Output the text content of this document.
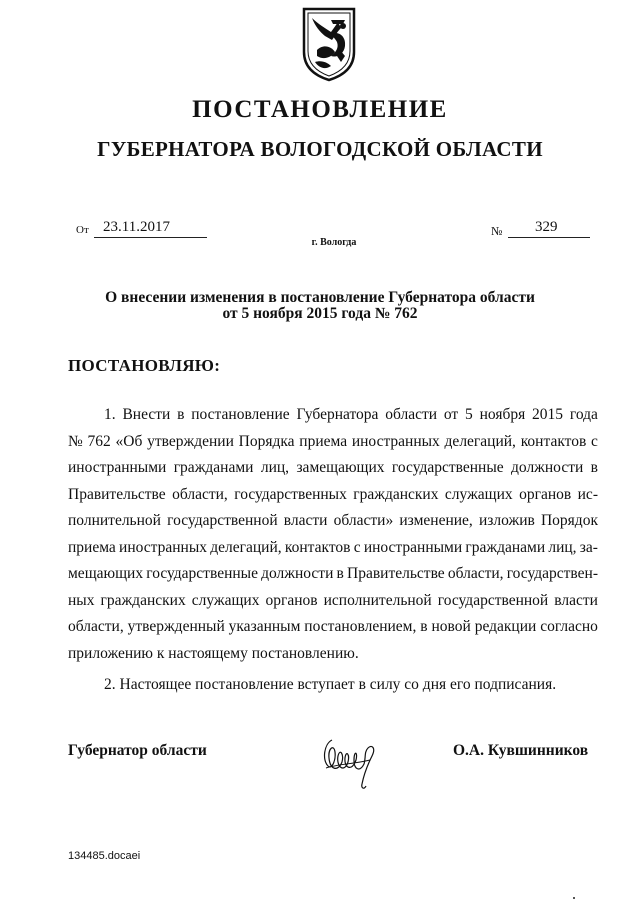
ПОСТАНОВЛЕНИЕ
ГУБЕРНАТОРА ВОЛОГОДСКОЙ ОБЛАСТИ
От 23.11.2017	№ 329
г. Вологда
О внесении изменения в постановление Губернатора области
от 5 ноября 2015 года № 762
ПОСТАНОВЛЯЮ:
1. Внести в постановление Губернатора области от 5 ноября 2015 года
№ 762 «Об утверждении Порядка приема иностранных делегаций, контактов с
иностранными гражданами лиц, замещающих государственные должности в
Правительстве области, государственных гражданских служащих органов ис-
полнительной государственной власти области» изменение, изложив Порядок
приема иностранных делегаций, контактов с иностранными гражданами лиц, за-
мещающих государственные должности в Правительстве области, государствен-
ных гражданских служащих органов исполнительной государственной власти
области, утвержденный указанным постановлением, в новой редакции согласно
приложению к настоящему постановлению.
2. Настоящее постановление вступает в силу со дня его подписания.
Губернатор области	О.А. Кувшинников
134485.docaei
